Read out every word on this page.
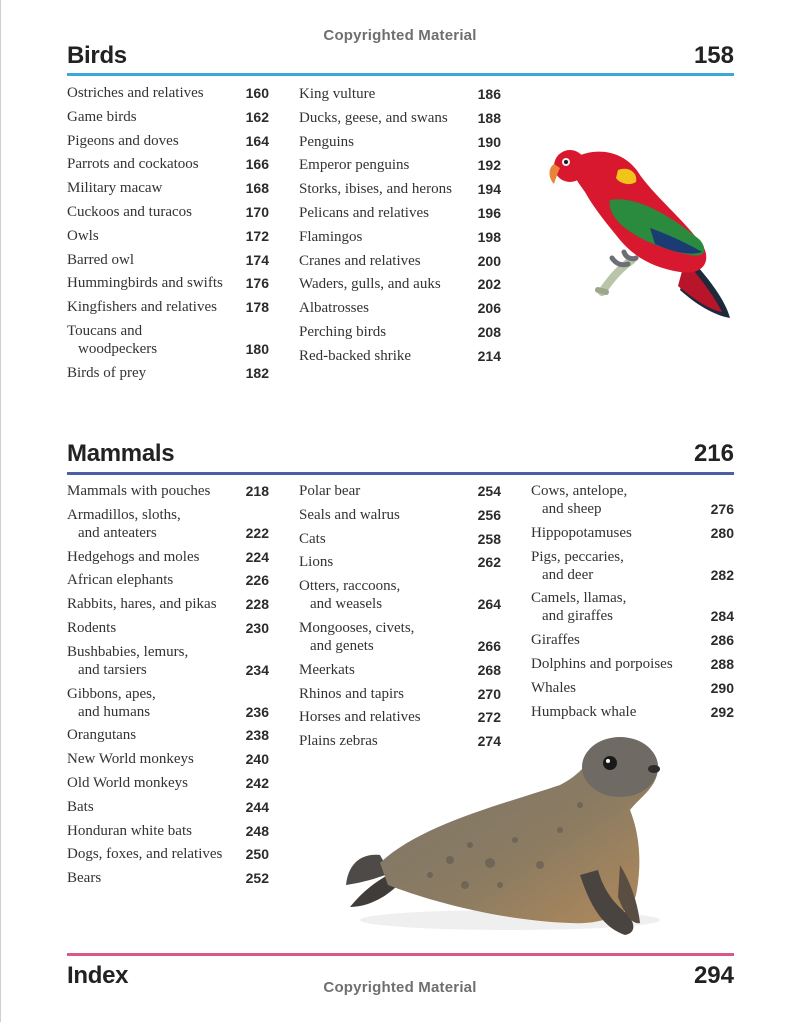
Copyrighted Material
Birds	158
Ostriches and relatives	160
Game birds	162
Pigeons and doves	164
Parrots and cockatoos	166
Military macaw	168
Cuckoos and turacos	170
Owls	172
Barred owl	174
Hummingbirds and swifts 176
Kingfishers and relatives 178
Toucans and
woodpeckers	180
Birds of prey	182
King vulture	186
Ducks, geese, and swans 188
Penguins	190
Emperor penguins	192
Storks, ibises, and herons 194
Pelicans and relatives	196
Flamingos	198
Cranes and relatives	200
Waders, gulls, and auks	202
Albatrosses	206
Perching birds	208
Red-backed shrike	214
Mammals	216
Mammals with pouches	218
Armadillos, sloths,
and anteaters	222
Hedgehogs and moles	224
African elephants	226
Rabbits, hares, and pikas 228
Rodents	230
Bushbabies, lemurs,
and tarsiers	234
Gibbons, apes,
and humans	236
Orangutans	238
New World monkeys	240
Old World monkeys	242
Bats	244
Honduran white bats	248
Dogs, foxes, and relatives 250
Bears	252
Polar bear	254
Seals and walrus	256
Cats	258
Lions	262
Otters, raccoons,
and weasels	264
Mongooses, civets,
and genets	266
Meerkats	268
Rhinos and tapirs	270
Horses and relatives	272
Plains zebras	274
Cows, antelope,
and sheep	276
Hippopotamuses	280
Pigs, peccaries,
and deer	282
Camels, llamas,
and giraffes	284
Giraffes	286
Dolphins and porpoises	288
Whales	290
Humpback whale	292
Index	294
Copyrighted Material
